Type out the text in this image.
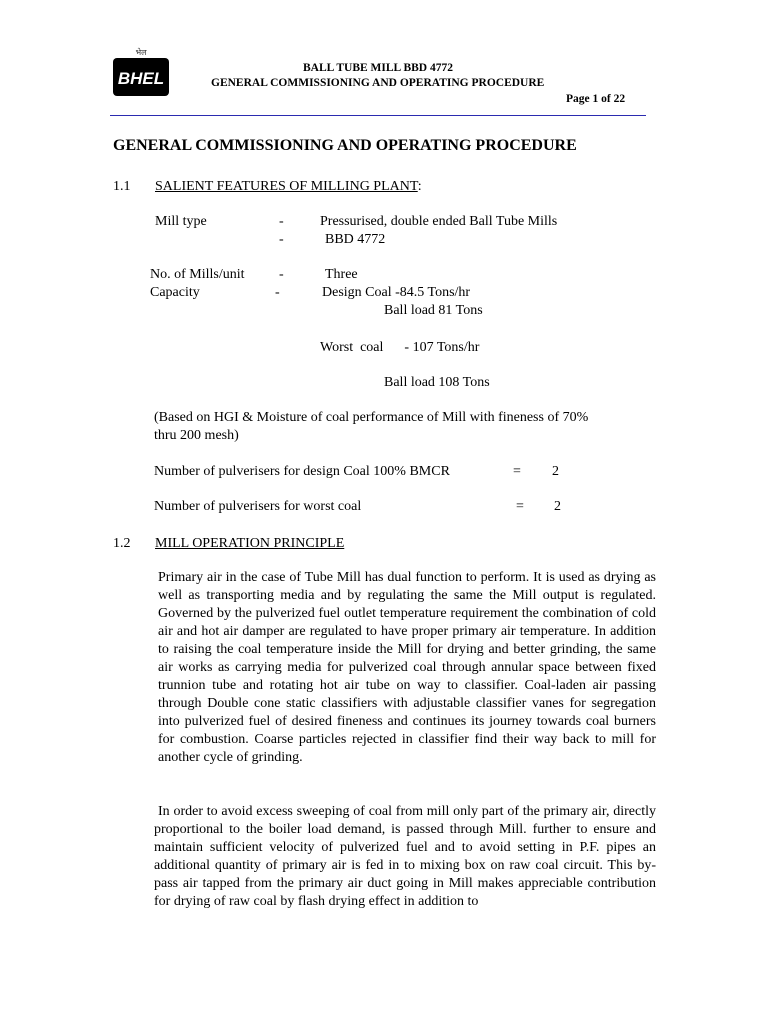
भेल
BHEL
BALL TUBE MILL BBD 4772
GENERAL COMMISSIONING AND OPERATING PROCEDURE
Page 1 of 22
GENERAL COMMISSIONING AND OPERATING PROCEDURE
1.1 SALIENT FEATURES OF MILLING PLANT:
Mill type	-	Pressurised, double ended Ball Tube Mills
-	BBD 4772
No. of Mills/unit -	Three
Capacity	-	Design Coal -84.5 Tons/hr
Ball load 81 Tons
Worst  coal      - 107 Tons/hr
Ball load 108 Tons
(Based on HGI & Moisture of coal performance of Mill with fineness of 70%
thru 200 mesh)
Number of pulverisers for design Coal 100% BMCR	= 2
Number of pulverisers for worst coal	= 2
1.2 MILL OPERATION PRINCIPLE
Primary air in the case of Tube Mill has dual function to perform. It is used as drying as well as transporting media and by regulating the same the Mill output is regulated. Governed by the pulverized fuel outlet temperature requirement the combination of cold air and hot air damper are regulated to have proper primary air temperature. In addition to raising the coal temperature inside the Mill for drying and better grinding, the same air works as carrying media for pulverized coal through annular space between fixed trunnion tube and rotating hot air tube on way to classifier. Coal-laden air passing through Double cone static classifiers with adjustable classifier vanes for segregation into pulverized fuel of desired fineness and continues its journey towards coal burners for combustion. Coarse particles rejected in classifier find their way back to mill for another cycle of grinding.
In order to avoid excess sweeping of coal from mill only part of the primary air, directly proportional to the boiler load demand, is passed through Mill. further to ensure and maintain sufficient velocity of pulverized fuel and to avoid setting in P.F. pipes an additional quantity of primary air is fed in to mixing box on raw coal circuit. This by-pass air tapped from the primary air duct going in Mill makes appreciable contribution for drying of raw coal by flash drying effect in addition to
